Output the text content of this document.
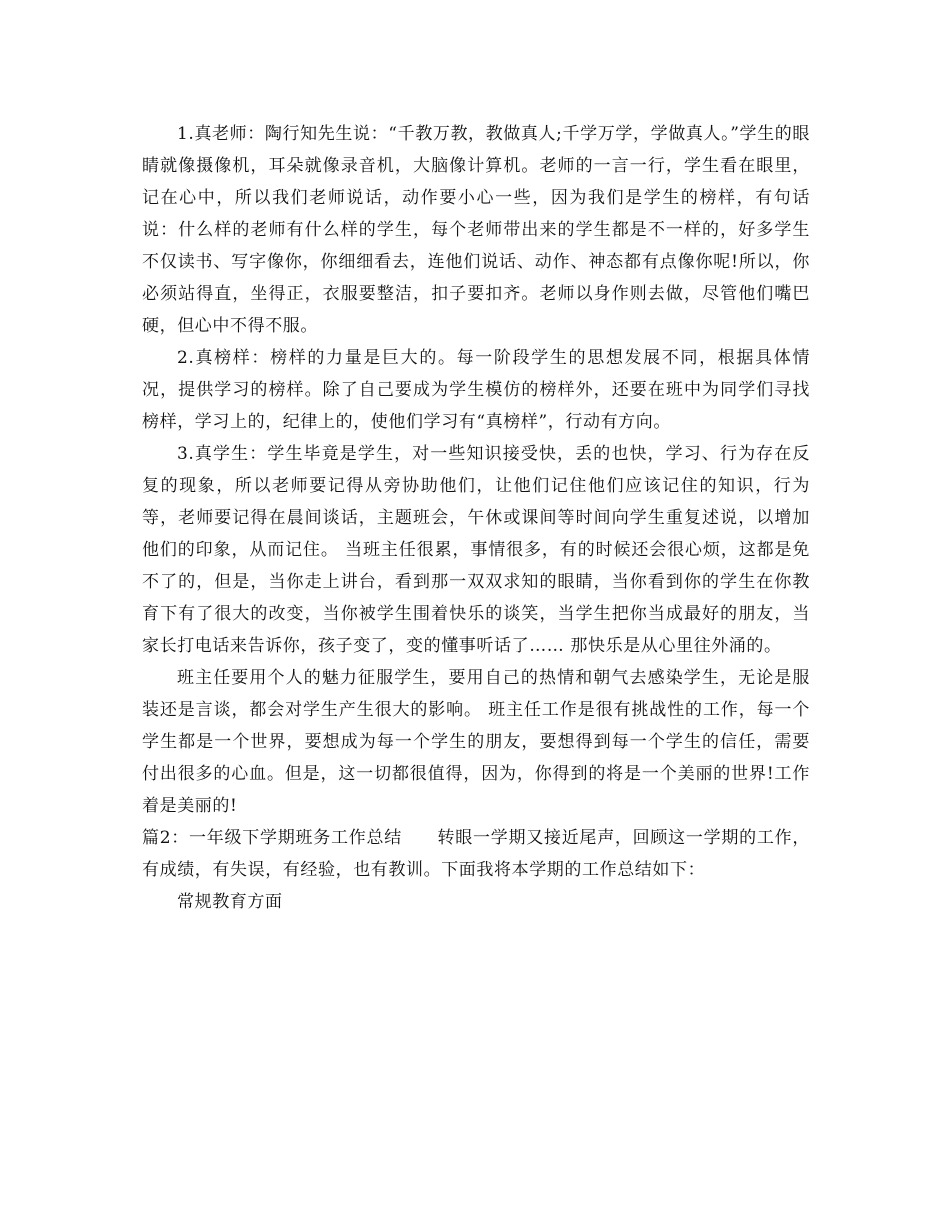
1.真老师：陶行知先生说：“千教万教，教做真人;千学万学，学做真人。”学生的眼睛就像摄像机，耳朵就像录音机，大脑像计算机。老师的一言一行，学生看在眼里，记在心中，所以我们老师说话，动作要小心一些，因为我们是学生的榜样，有句话说：什么样的老师有什么样的学生，每个老师带出来的学生都是不一样的，好多学生不仅读书、写字像你，你细细看去，连他们说话、动作、神态都有点像你呢!所以，你必须站得直，坐得正，衣服要整洁，扣子要扣齐。老师以身作则去做，尽管他们嘴巴硬，但心中不得不服。

2.真榜样：榜样的力量是巨大的。每一阶段学生的思想发展不同，根据具体情况，提供学习的榜样。除了自己要成为学生模仿的榜样外，还要在班中为同学们寻找榜样，学习上的，纪律上的，使他们学习有“真榜样”，行动有方向。

3.真学生：学生毕竟是学生，对一些知识接受快，丢的也快，学习、行为存在反复的现象，所以老师要记得从旁协助他们，让他们记住他们应该记住的知识，行为等，老师要记得在晨间谈话，主题班会，午休或课间等时间向学生重复述说，以增加他们的印象，从而记住。 当班主任很累，事情很多，有的时候还会很心烦，这都是免不了的，但是，当你走上讲台，看到那一双双求知的眼睛，当你看到你的学生在你教育下有了很大的改变，当你被学生围着快乐的谈笑，当学生把你当成最好的朋友，当家长打电话来告诉你，孩子变了，变的懂事听话了…… 那快乐是从心里往外涌的。

班主任要用个人的魅力征服学生，要用自己的热情和朝气去感染学生，无论是服装还是言谈，都会对学生产生很大的影响。 班主任工作是很有挑战性的工作，每一个学生都是一个世界，要想成为每一个学生的朋友，要想得到每一个学生的信任，需要付出很多的心血。但是，这一切都很值得，因为，你得到的将是一个美丽的世界!工作着是美丽的!

篇2：一年级下学期班务工作总结　　转眼一学期又接近尾声，回顾这一学期的工作，有成绩，有失误，有经验，也有教训。下面我将本学期的工作总结如下：

常规教育方面
